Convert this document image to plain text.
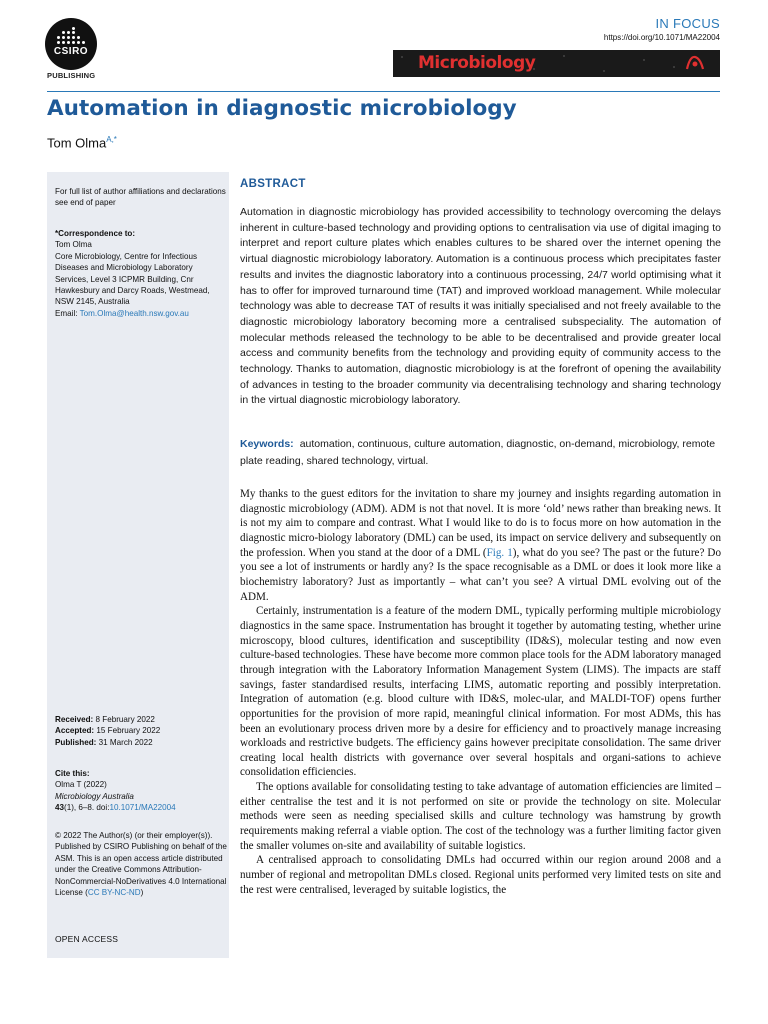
CSIRO
PUBLISHING
IN FOCUS
https://doi.org/10.1071/MA22004
Microbiology
Automation in diagnostic microbiology
Tom Olma$^{A,*}$
For full list of author affiliations and declarations see end of paper

*Correspondence to:

Tom Olma

Core Microbiology, Centre for Infectious Diseases and Microbiology Laboratory Services, Level 3 ICPMR Building, Cnr Hawkesbury and Darcy Roads, Westmead, NSW 2145, Australia

Email: Tom.Olma@health.nsw.gov.au

Received: 8 February 2022

Accepted: 15 February 2022

Published: 31 March 2022

Cite this:

Olma T (2022)

Microbiology Australia

43(1), 6–8. doi:10.1071/MA22004

© 2022 The Author(s) (or their employer(s)). Published by CSIRO Publishing on behalf of the ASM. This is an open access article distributed under the Creative Commons Attribution-NonCommercial-NoDerivatives 4.0 International License (CC BY-NC-ND)
OPEN ACCESS
ABSTRACT

Automation in diagnostic microbiology has provided accessibility to technology overcoming the delays inherent in culture-based technology and providing options to centralisation via use of digital imaging to interpret and report culture plates which enables cultures to be shared over the internet opening the virtual diagnostic microbiology laboratory. Automation is a continuous process which precipitates faster results and invites the diagnostic laboratory into a continuous processing, 24/7 world optimising what it has to offer for improved turnaround time (TAT) and improved workload management. While molecular technology was able to decrease TAT of results it was initially specialised and not freely available to the diagnostic microbiology laboratory becoming more a centralised subspeciality. The automation of molecular methods released the technology to be able to be decentralised and provide greater local access and community benefits from the technology and providing equity of community access to the technology. Thanks to automation, diagnostic microbiology is at the forefront of opening the availability of advances in testing to the broader community via decentralising technology and sharing technology in the virtual diagnostic microbiology laboratory.

Keywords: automation, continuous, culture automation, diagnostic, on-demand, microbiology, remote plate reading, shared technology, virtual.

My thanks to the guest editors for the invitation to share my journey and insights regarding automation in diagnostic microbiology (ADM). ADM is not that novel. It is more ‘old’ news rather than breaking news. It is not my aim to compare and contrast. What I would like to do is to focus more on how automation in the diagnostic micro-biology laboratory (DML) can be used, its impact on service delivery and subsequently on the profession. When you stand at the door of a DML (Fig. 1), what do you see? The past or the future? Do you see a lot of instruments or hardly any? Is the space recognisable as a DML or does it look more like a biochemistry laboratory? Just as importantly – what can’t you see? A virtual DML evolving out of the ADM.

Certainly, instrumentation is a feature of the modern DML, typically performing multiple microbiology diagnostics in the same space. Instrumentation has brought it together by automating testing, whether urine microscopy, blood cultures, identification and susceptibility (ID&S), molecular testing and now even culture-based technologies. These have become more common place tools for the ADM laboratory managed through integration with the Laboratory Information Management System (LIMS). The impacts are staff savings, faster standardised results, interfacing LIMS, automatic reporting and possibly interpretation. Integration of automation (e.g. blood culture with ID&S, molec-ular, and MALDI-TOF) opens further opportunities for the provision of more rapid, meaningful clinical information. For most ADMs, this has been an evolutionary process driven more by a desire for efficiency and to proactively manage increasing workloads and restrictive budgets. The efficiency gains however precipitate consolidation. The same driver creating local health districts with governance over several hospitals and organi-sations to achieve consolidation efficiencies.

The options available for consolidating testing to take advantage of automation efficiencies are limited – either centralise the test and it is not performed on site or provide the technology on site. Molecular methods were seen as needing specialised skills and culture technology was hamstrung by growth requirements making referral a viable option. The cost of the technology was a further limiting factor given the smaller volumes on-site and availability of suitable logistics.

A centralised approach to consolidating DMLs had occurred within our region around 2008 and a number of regional and metropolitan DMLs closed. Regional units performed very limited tests on site and the rest were centralised, leveraged by suitable logistics, the
